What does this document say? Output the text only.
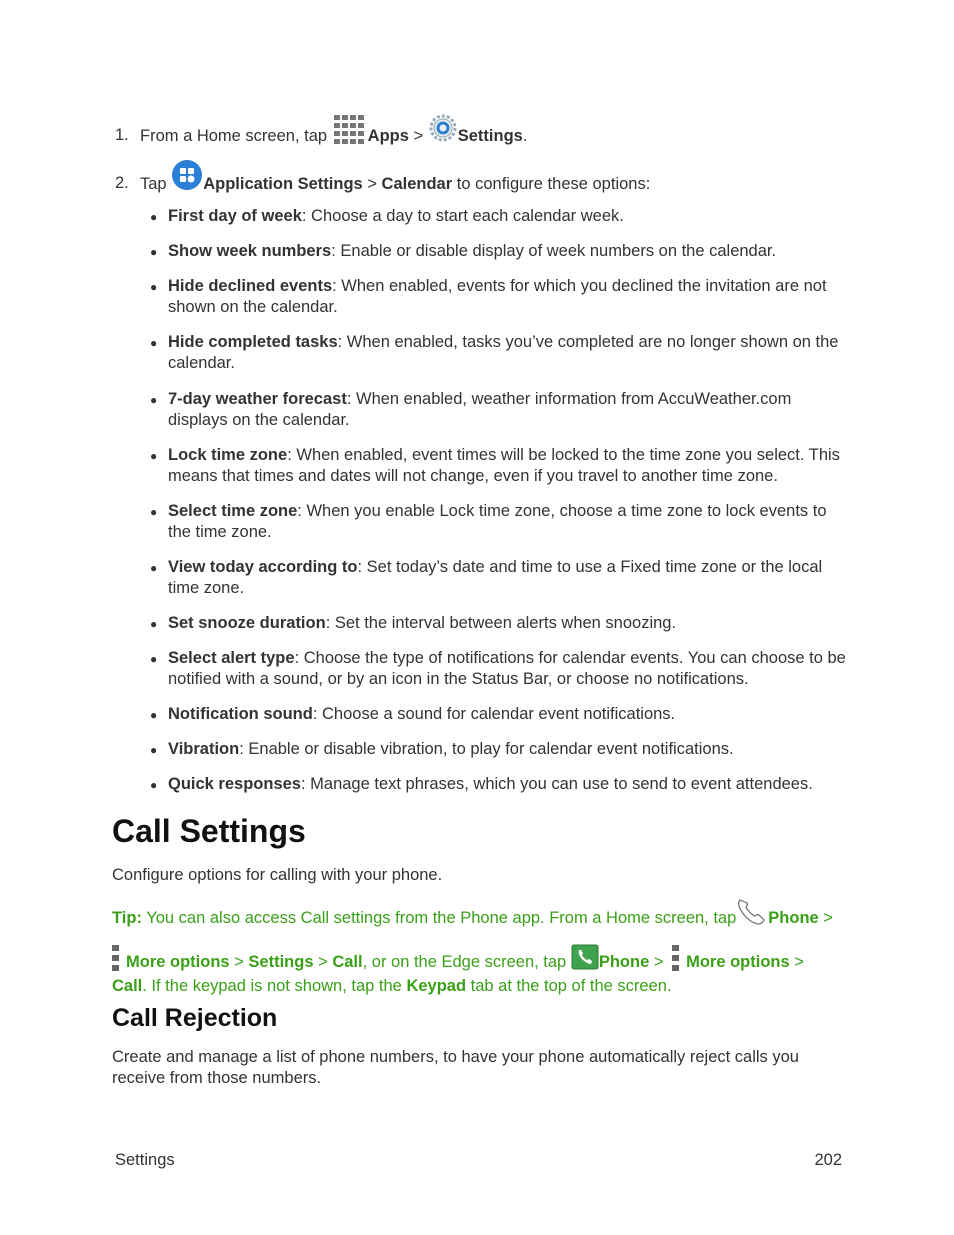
1. From a Home screen, tap Apps > Settings.
2. Tap Application Settings > Calendar to configure these options:
● First day of week: Choose a day to start each calendar week.
● Show week numbers: Enable or disable display of week numbers on the calendar.
● Hide declined events: When enabled, events for which you declined the invitation are not shown on the calendar.
● Hide completed tasks: When enabled, tasks you’ve completed are no longer shown on the calendar.
● 7-day weather forecast: When enabled, weather information from AccuWeather.com displays on the calendar.
● Lock time zone: When enabled, event times will be locked to the time zone you select. This means that times and dates will not change, even if you travel to another time zone.
● Select time zone: When you enable Lock time zone, choose a time zone to lock events to the time zone.
● View today according to: Set today’s date and time to use a Fixed time zone or the local time zone.
● Set snooze duration: Set the interval between alerts when snoozing.
● Select alert type: Choose the type of notifications for calendar events. You can choose to be notified with a sound, or by an icon in the Status Bar, or choose no notifications.
● Notification sound: Choose a sound for calendar event notifications.
● Vibration: Enable or disable vibration, to play for calendar event notifications.
● Quick responses: Manage text phrases, which you can use to send to event attendees.
Call Settings
Configure options for calling with your phone.
Tip: You can also access Call settings from the Phone app. From a Home screen, tap Phone >
More options > Settings > Call, or on the Edge screen, tap Phone > More options >
Call. If the keypad is not shown, tap the Keypad tab at the top of the screen.
Call Rejection
Create and manage a list of phone numbers, to have your phone automatically reject calls you receive from those numbers.
Settings	202
